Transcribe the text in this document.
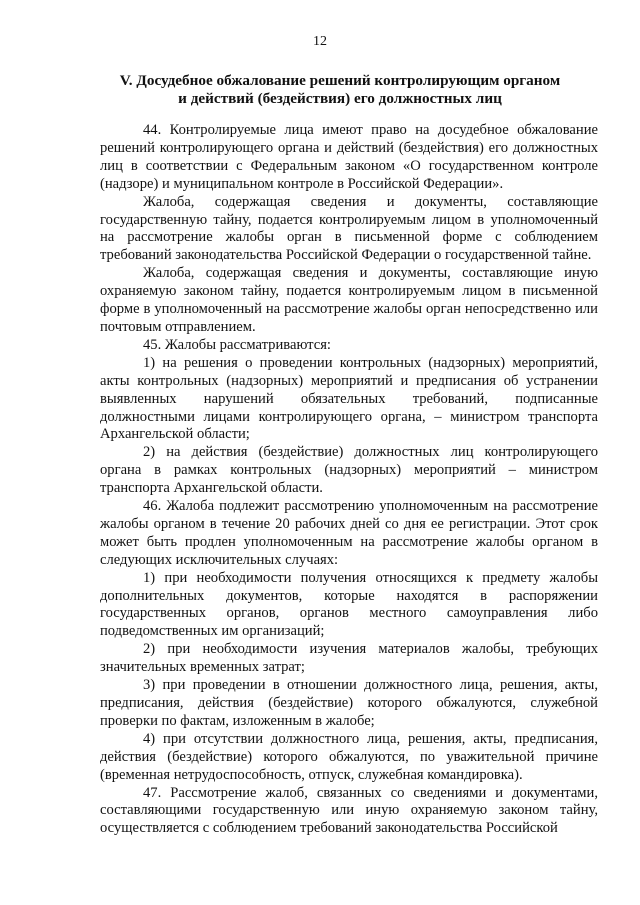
12
V. Досудебное обжалование решений контролирующим органом
и действий (бездействия) его должностных лиц

44. Контролируемые лица имеют право на досудебное обжалование решений контролирующего органа и действий (бездействия) его должностных лиц в соответствии с Федеральным законом «О государственном контроле (надзоре) и муниципальном контроле в Российской Федерации».

Жалоба, содержащая сведения и документы, составляющие государственную тайну, подается контролируемым лицом в уполномоченный на рассмотрение жалобы орган в письменной форме с соблюдением требований законодательства Российской Федерации о государственной тайне.

Жалоба, содержащая сведения и документы, составляющие иную охраняемую законом тайну, подается контролируемым лицом в письменной форме в уполномоченный на рассмотрение жалобы орган непосредственно или почтовым отправлением.

45. Жалобы рассматриваются:

1) на решения о проведении контрольных (надзорных) мероприятий, акты контрольных (надзорных) мероприятий и предписания об устранении выявленных нарушений обязательных требований, подписанные должностными лицами контролирующего органа, – министром транспорта Архангельской области;

2) на действия (бездействие) должностных лиц контролирующего органа в рамках контрольных (надзорных) мероприятий – министром транспорта Архангельской области.

46. Жалоба подлежит рассмотрению уполномоченным на рассмотрение жалобы органом в течение 20 рабочих дней со дня ее регистрации. Этот срок может быть продлен уполномоченным на рассмотрение жалобы органом в следующих исключительных случаях:

1) при необходимости получения относящихся к предмету жалобы дополнительных документов, которые находятся в распоряжении государственных органов, органов местного самоуправления либо подведомственных им организаций;

2) при необходимости изучения материалов жалобы, требующих значительных временных затрат;

3) при проведении в отношении должностного лица, решения, акты, предписания, действия (бездействие) которого обжалуются, служебной проверки по фактам, изложенным в жалобе;

4) при отсутствии должностного лица, решения, акты, предписания, действия (бездействие) которого обжалуются, по уважительной причине (временная нетрудоспособность, отпуск, служебная командировка).

47. Рассмотрение жалоб, связанных со сведениями и документами, составляющими государственную или иную охраняемую законом тайну, осуществляется с соблюдением требований законодательства Российской
